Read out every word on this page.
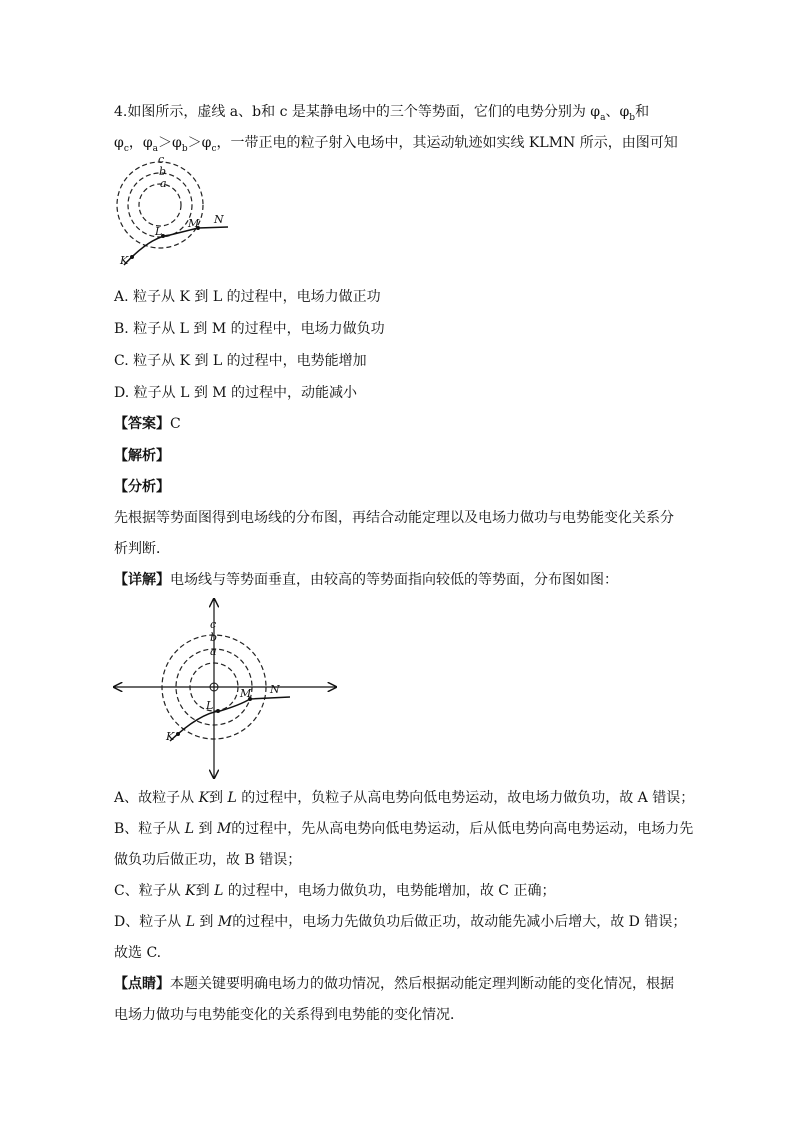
4.如图所示，虚线 a、b和 c 是某静电场中的三个等势面，它们的电势分别为 $\varphi_a$、$\varphi_b$和
$\varphi_c$，$\varphi_a>\varphi_b>\varphi_c$，一带正电的粒子射入电场中，其运动轨迹如实线 KLMN 所示，由图可知
c
b
a
L
M N
K
A. 粒子从 K 到 L 的过程中，电场力做正功
B. 粒子从 L 到 M 的过程中，电场力做负功
C. 粒子从 K 到 L 的过程中，电势能增加
D. 粒子从 L 到 M 的过程中，动能减小
【答案】C
【解析】
【分析】
先根据等势面图得到电场线的分布图，再结合动能定理以及电场力做功与电势能变化关系分
析判断．
【详解】电场线与等势面垂直，由较高的等势面指向较低的等势面，分布图如图：
c
b
a
L
M N
K
A、故粒子从 K到 L 的过程中，负粒子从高电势向低电势运动，故电场力做负功，故 A 错误；
B、粒子从 L 到 M的过程中，先从高电势向低电势运动，后从低电势向高电势运动，电场力先
做负功后做正功，故 B 错误；
C、粒子从 K到 L 的过程中，电场力做负功，电势能增加，故 C 正确；
D、粒子从 L 到 M的过程中，电场力先做负功后做正功，故动能先减小后增大，故 D 错误；
故选 C.
【点睛】本题关键要明确电场力的做功情况，然后根据动能定理判断动能的变化情况，根据
电场力做功与电势能变化的关系得到电势能的变化情况．
